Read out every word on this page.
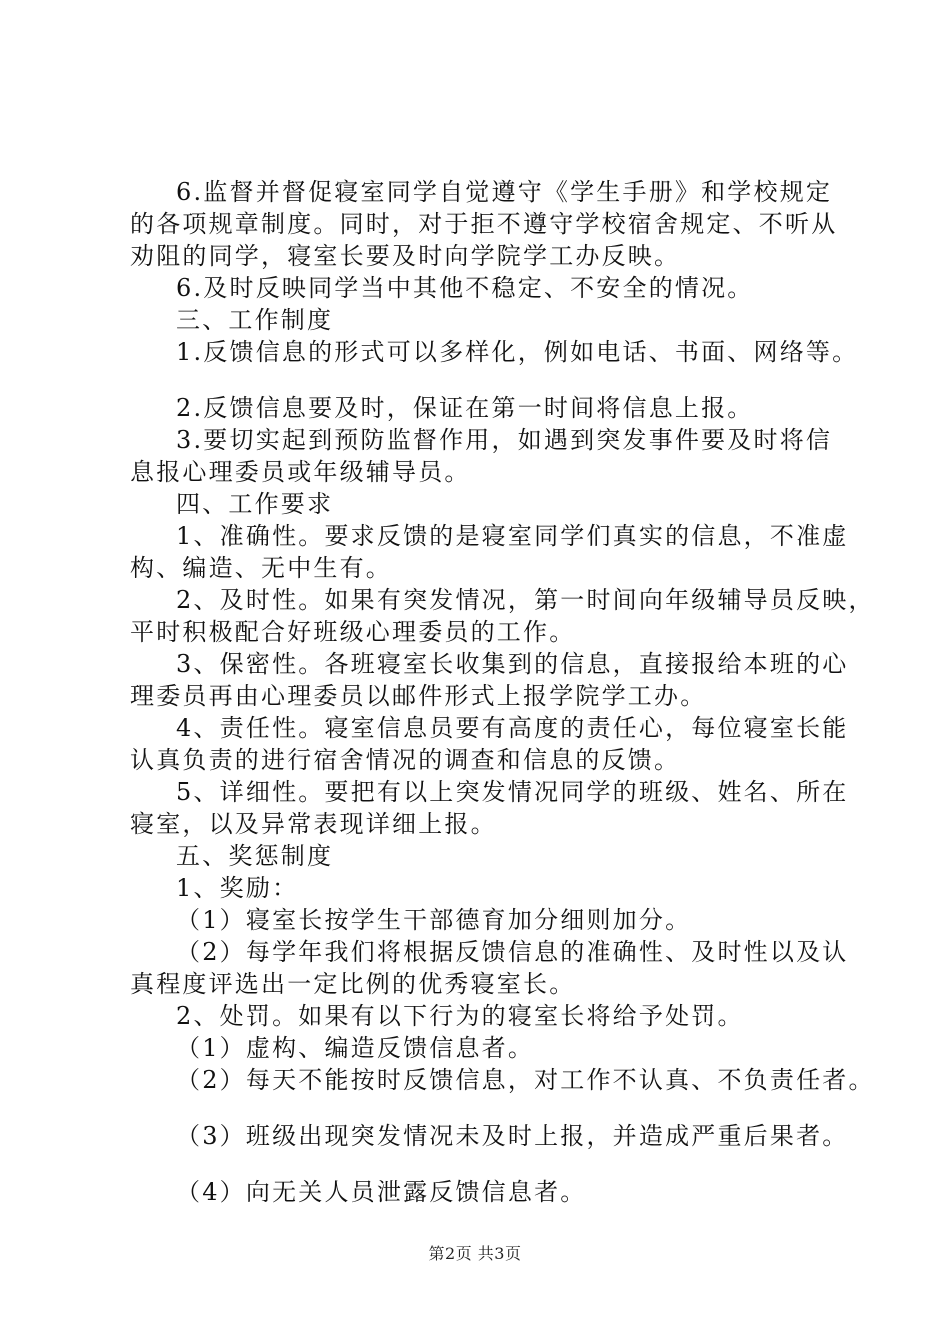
6.监督并督促寝室同学自觉遵守《学生手册》和学校规定
的各项规章制度。同时，对于拒不遵守学校宿舍规定、不听从
劝阻的同学，寝室长要及时向学院学工办反映。
6.及时反映同学当中其他不稳定、不安全的情况。
三、工作制度
1.反馈信息的形式可以多样化，例如电话、书面、网络等。
2.反馈信息要及时，保证在第一时间将信息上报。
3.要切实起到预防监督作用，如遇到突发事件要及时将信
息报心理委员或年级辅导员。
四、工作要求
1、准确性。要求反馈的是寝室同学们真实的信息，不准虚
构、编造、无中生有。
2、及时性。如果有突发情况，第一时间向年级辅导员反映，
平时积极配合好班级心理委员的工作。
3、保密性。各班寝室长收集到的信息，直接报给本班的心
理委员再由心理委员以邮件形式上报学院学工办。
4、责任性。寝室信息员要有高度的责任心，每位寝室长能
认真负责的进行宿舍情况的调查和信息的反馈。
5、详细性。要把有以上突发情况同学的班级、姓名、所在
寝室，以及异常表现详细上报。
五、奖惩制度
1、奖励：
（1）寝室长按学生干部德育加分细则加分。
（2）每学年我们将根据反馈信息的准确性、及时性以及认
真程度评选出一定比例的优秀寝室长。
2、处罚。如果有以下行为的寝室长将给予处罚。
（1）虚构、编造反馈信息者。
（2）每天不能按时反馈信息，对工作不认真、不负责任者。
（3）班级出现突发情况未及时上报，并造成严重后果者。
（4）向无关人员泄露反馈信息者。
第2页 共3页
